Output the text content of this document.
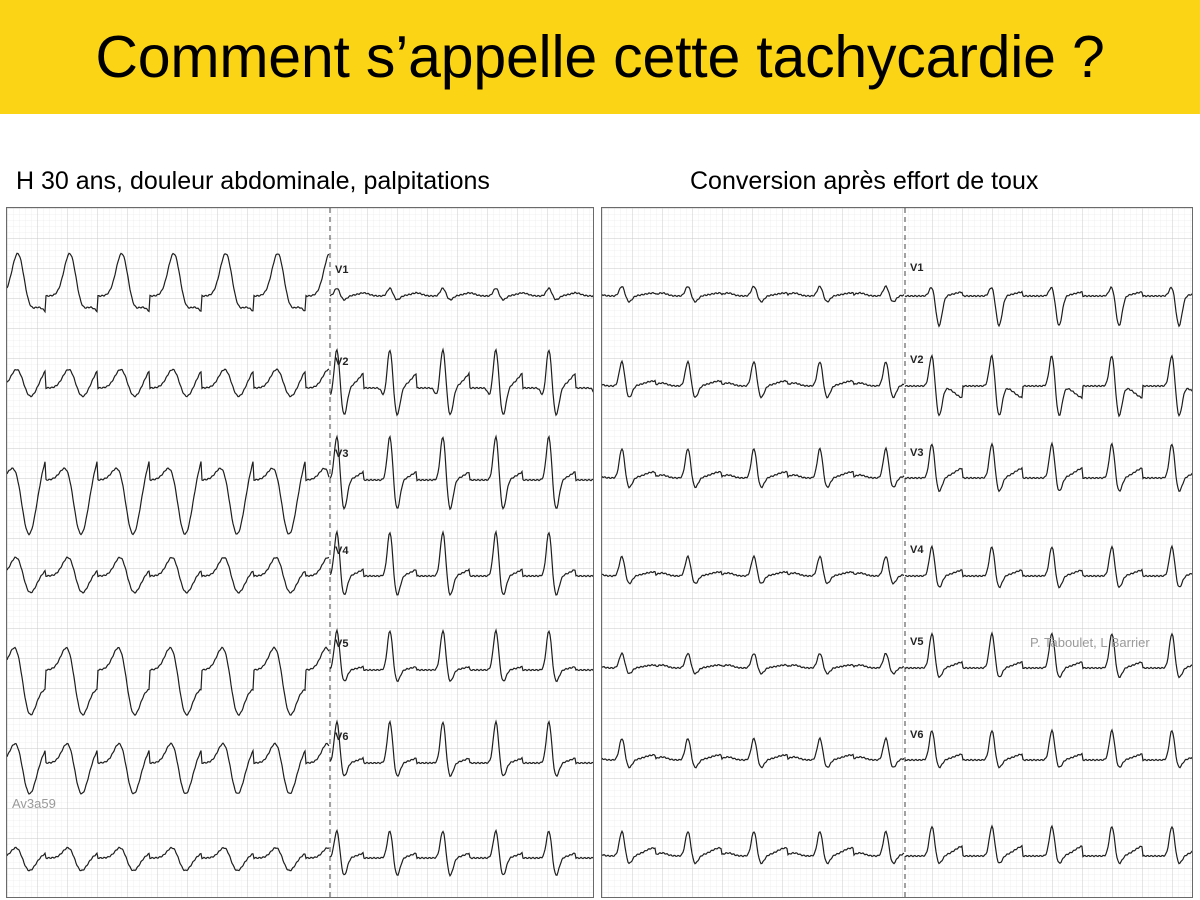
Comment s’appelle cette tachycardie ?
H 30 ans, douleur abdominale, palpitations	Conversion après effort de toux
V1
V2
V3
V4
V5
V6
Av3a59
V1
V2
V3
V4
V5
V6
P. Taboulet, L Barrier
